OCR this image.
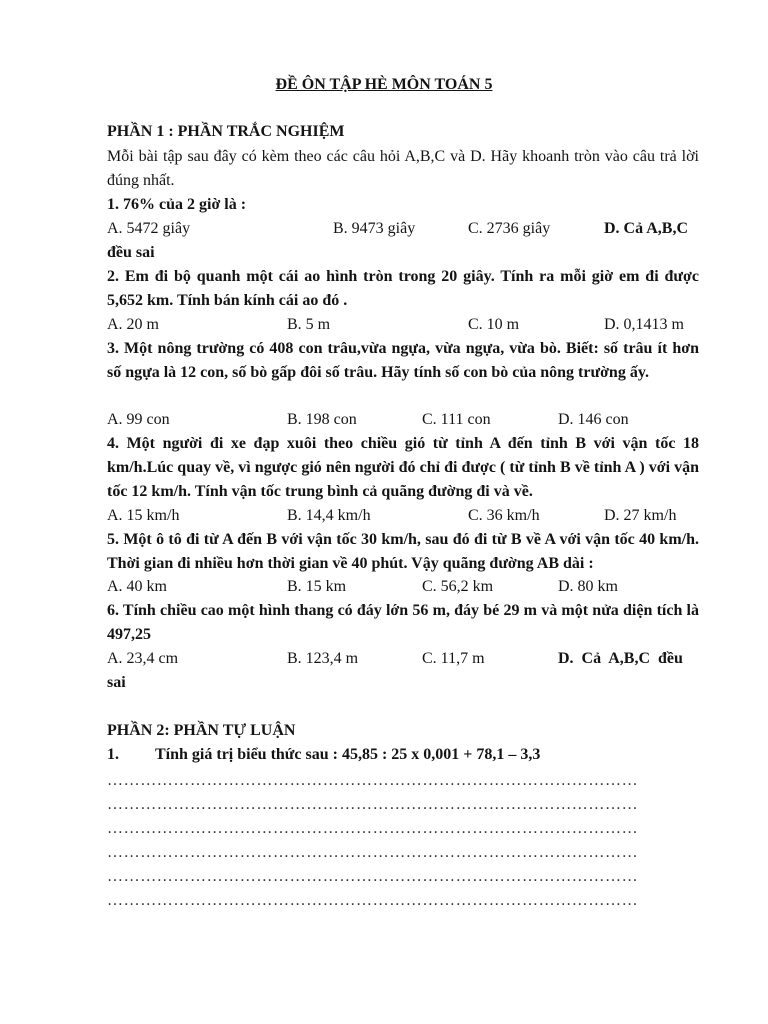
ĐỀ ÔN TẬP HÈ MÔN TOÁN 5
PHẦN 1 : PHẦN TRẮC NGHIỆM
Mỗi bài tập sau đây có kèm theo các câu hỏi A,B,C và D. Hãy khoanh tròn vào câu trả lời đúng nhất.
1. 76% của 2 giờ là :
A. 5472 giây	B. 9473 giây	C. 2736 giây	D. Cả A,B,C
đều sai
2. Em đi bộ quanh một cái ao hình tròn trong 20 giây. Tính ra mỗi giờ em đi được 5,652 km. Tính bán kính cái ao đó .
A. 20 m	B. 5 m	C. 10 m	D. 0,1413 m
3. Một nông trường có 408 con trâu,vừa ngựa, vừa ngựa, vừa bò. Biết: số trâu ít hơn số ngựa là 12 con, số bò gấp đôi số trâu. Hãy tính số con bò của nông trường ấy.
A. 99 con	B. 198 con	C. 111 con	D. 146 con
4. Một người đi xe đạp xuôi theo chiều gió từ tỉnh A đến tỉnh B với vận tốc 18 km/h.Lúc quay về, vì ngược gió nên người đó chỉ đi được ( từ tỉnh B về tỉnh A ) với vận tốc 12 km/h. Tính vận tốc trung bình cả quãng đường đi và về.
A. 15 km/h	B. 14,4 km/h	C. 36 km/h	D. 27 km/h
5. Một ô tô đi từ A đến B với vận tốc 30 km/h, sau đó đi từ B về A với vận tốc 40 km/h. Thời gian đi nhiều hơn thời gian về 40 phút. Vậy quãng đường AB dài :
A. 40 km	B. 15 km	C. 56,2 km	D. 80 km
6. Tính chiều cao một hình thang có đáy lớn 56 m, đáy bé 29 m và một nửa diện tích là 497,25
A. 23,4 cm	B. 123,4 m	C. 11,7 m	D.  Cả  A,B,C  đều
sai
PHẦN 2: PHẦN TỰ LUẬN
1. Tính giá trị biểu thức sau : 45,85 : 25 x 0,001 + 78,1 – 3,3
……………………………………………………………………………………
……………………………………………………………………………………
……………………………………………………………………………………
……………………………………………………………………………………
……………………………………………………………………………………
……………………………………………………………………………………
